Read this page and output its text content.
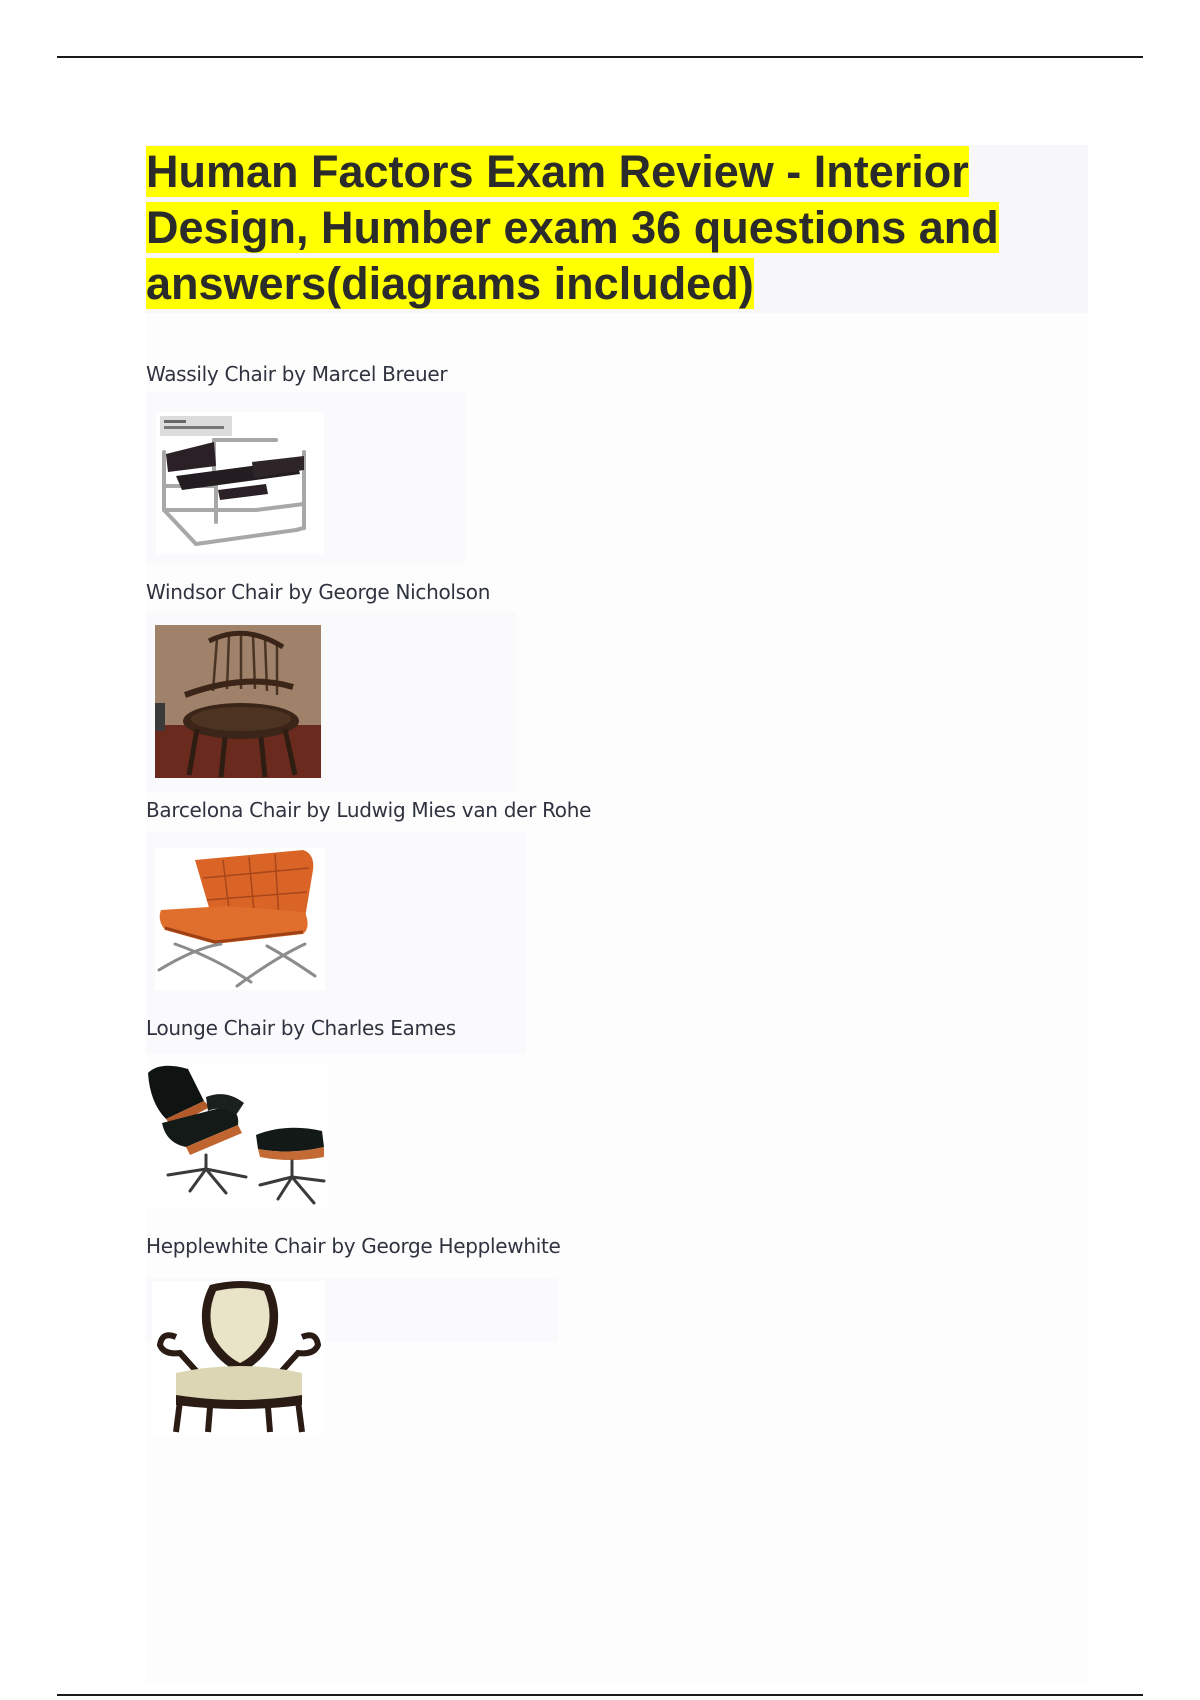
Human Factors Exam Review - Interior Design, Humber exam 36 questions and answers(diagrams included)

Wassily Chair by Marcel Breuer

Windsor Chair by George Nicholson

Barcelona Chair by Ludwig Mies van der Rohe

Lounge Chair by Charles Eames

Hepplewhite Chair by George Hepplewhite
